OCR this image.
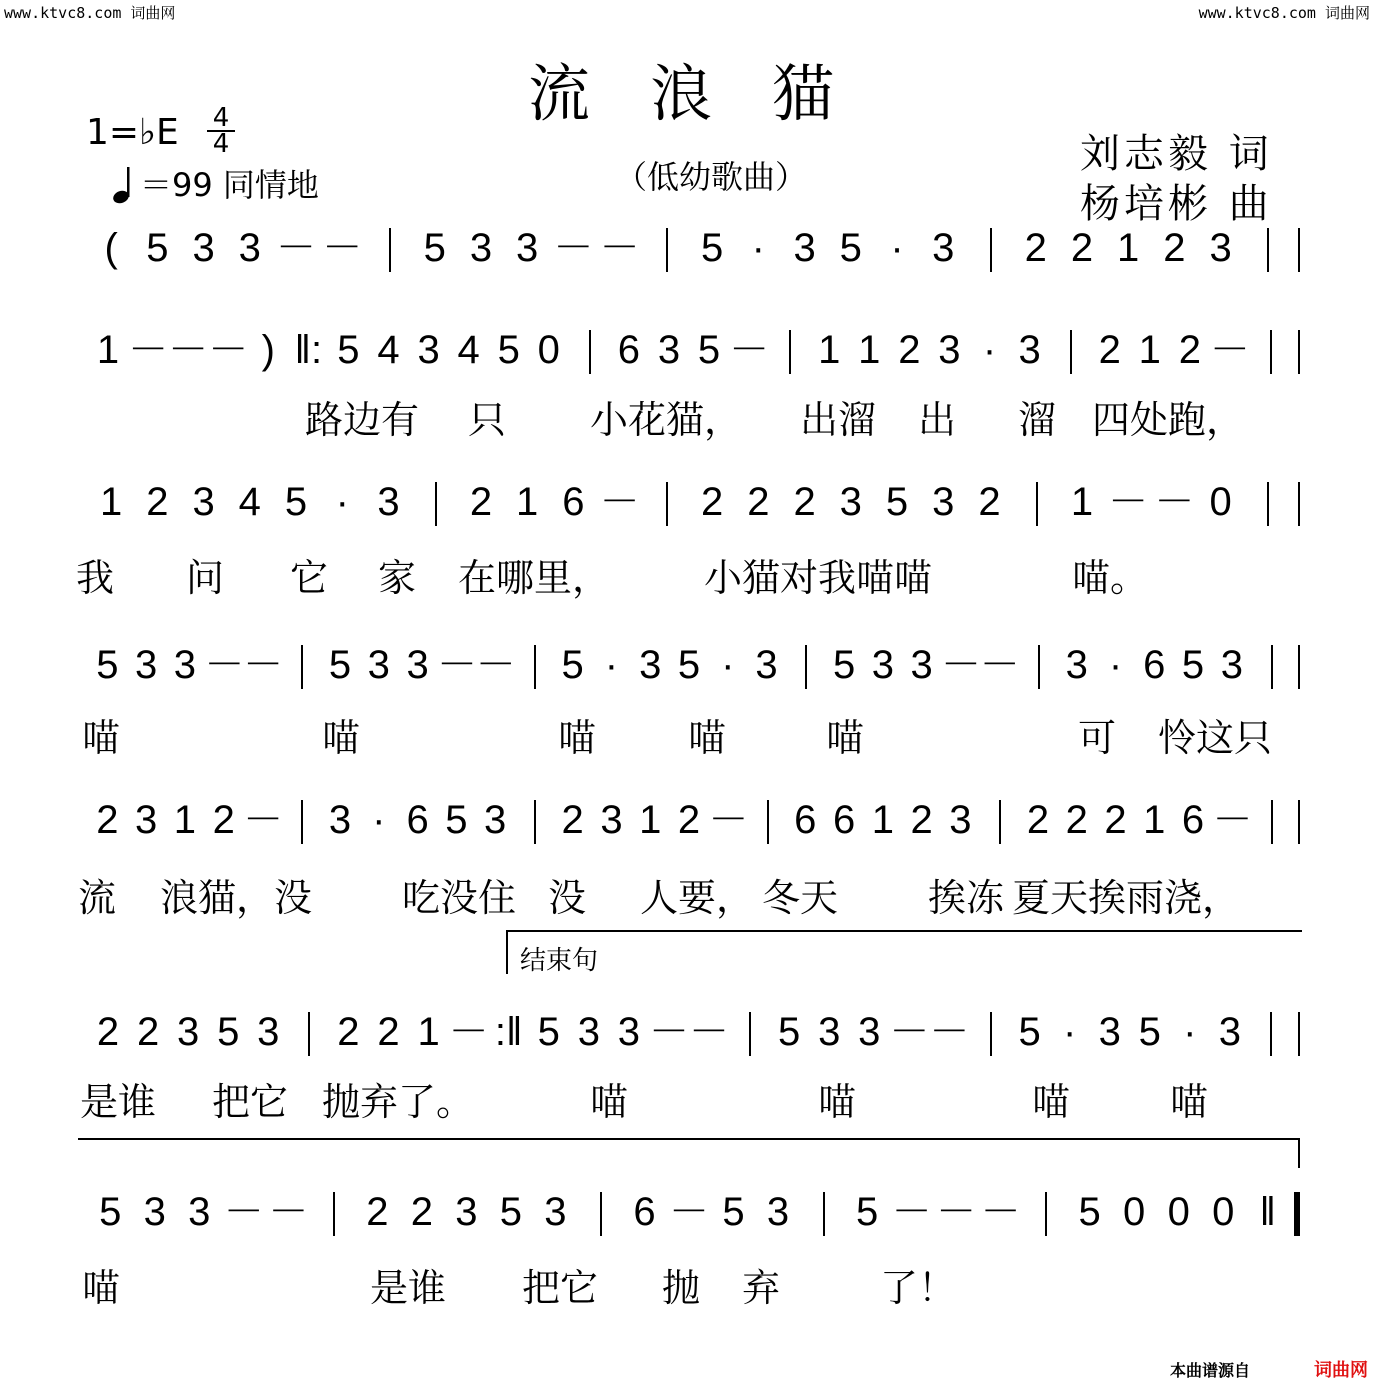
www.ktvc8.com 词曲网	www.ktvc8.com 词曲网
流浪猫
（低幼歌曲）
1=♭E $\frac{4}{4}$
＝99 同情地
刘志毅 词
杨培彬 曲
( 5 3 3 － － 5 3 3 － － 5 · 3 5 · 3 2 2 1 2 3
1 － － － ) ‖: 5 4 3 4 5 0 6 3 5 － 1 1 2 3 · 3 2 1 2 －
路边有 只 小花猫， 出溜 出 溜 四处跑，
1 2 3 4 5 · 3 2 1 6 － 2 2 2 3 5 3 2 1 － － 0
我 问 它 家 在哪里， 小猫对我喵喵	喵。
5 3 3 －
－ 5 3 3 －
－ 5 · 3 5 · 3 5 3 3 －
－ 3 · 6 5 3
喵	喵	喵 喵	喵	可 怜这只
2 3 1 2 － 3 · 6 5 3 2 3 1 2 － 6 6 1 2 3 2 2 2 1 6 －
流 浪猫，没 吃没住 没 人要， 冬天 挨冻 夏天挨雨浇，
2 2 3 5 3 2 2 1 － :‖ 5 3 3 － － 5 3 3 － － 5 · 3 5 · 3
是谁 把它 抛弃了。	喵	喵	喵	喵
5 3 3 － － 2 2 3 5 3 6 － 5 3 5 － － － 5 0 0 0 ‖
喵	是谁 把它 抛 弃	了！
结束句
本曲谱源自	词曲网
